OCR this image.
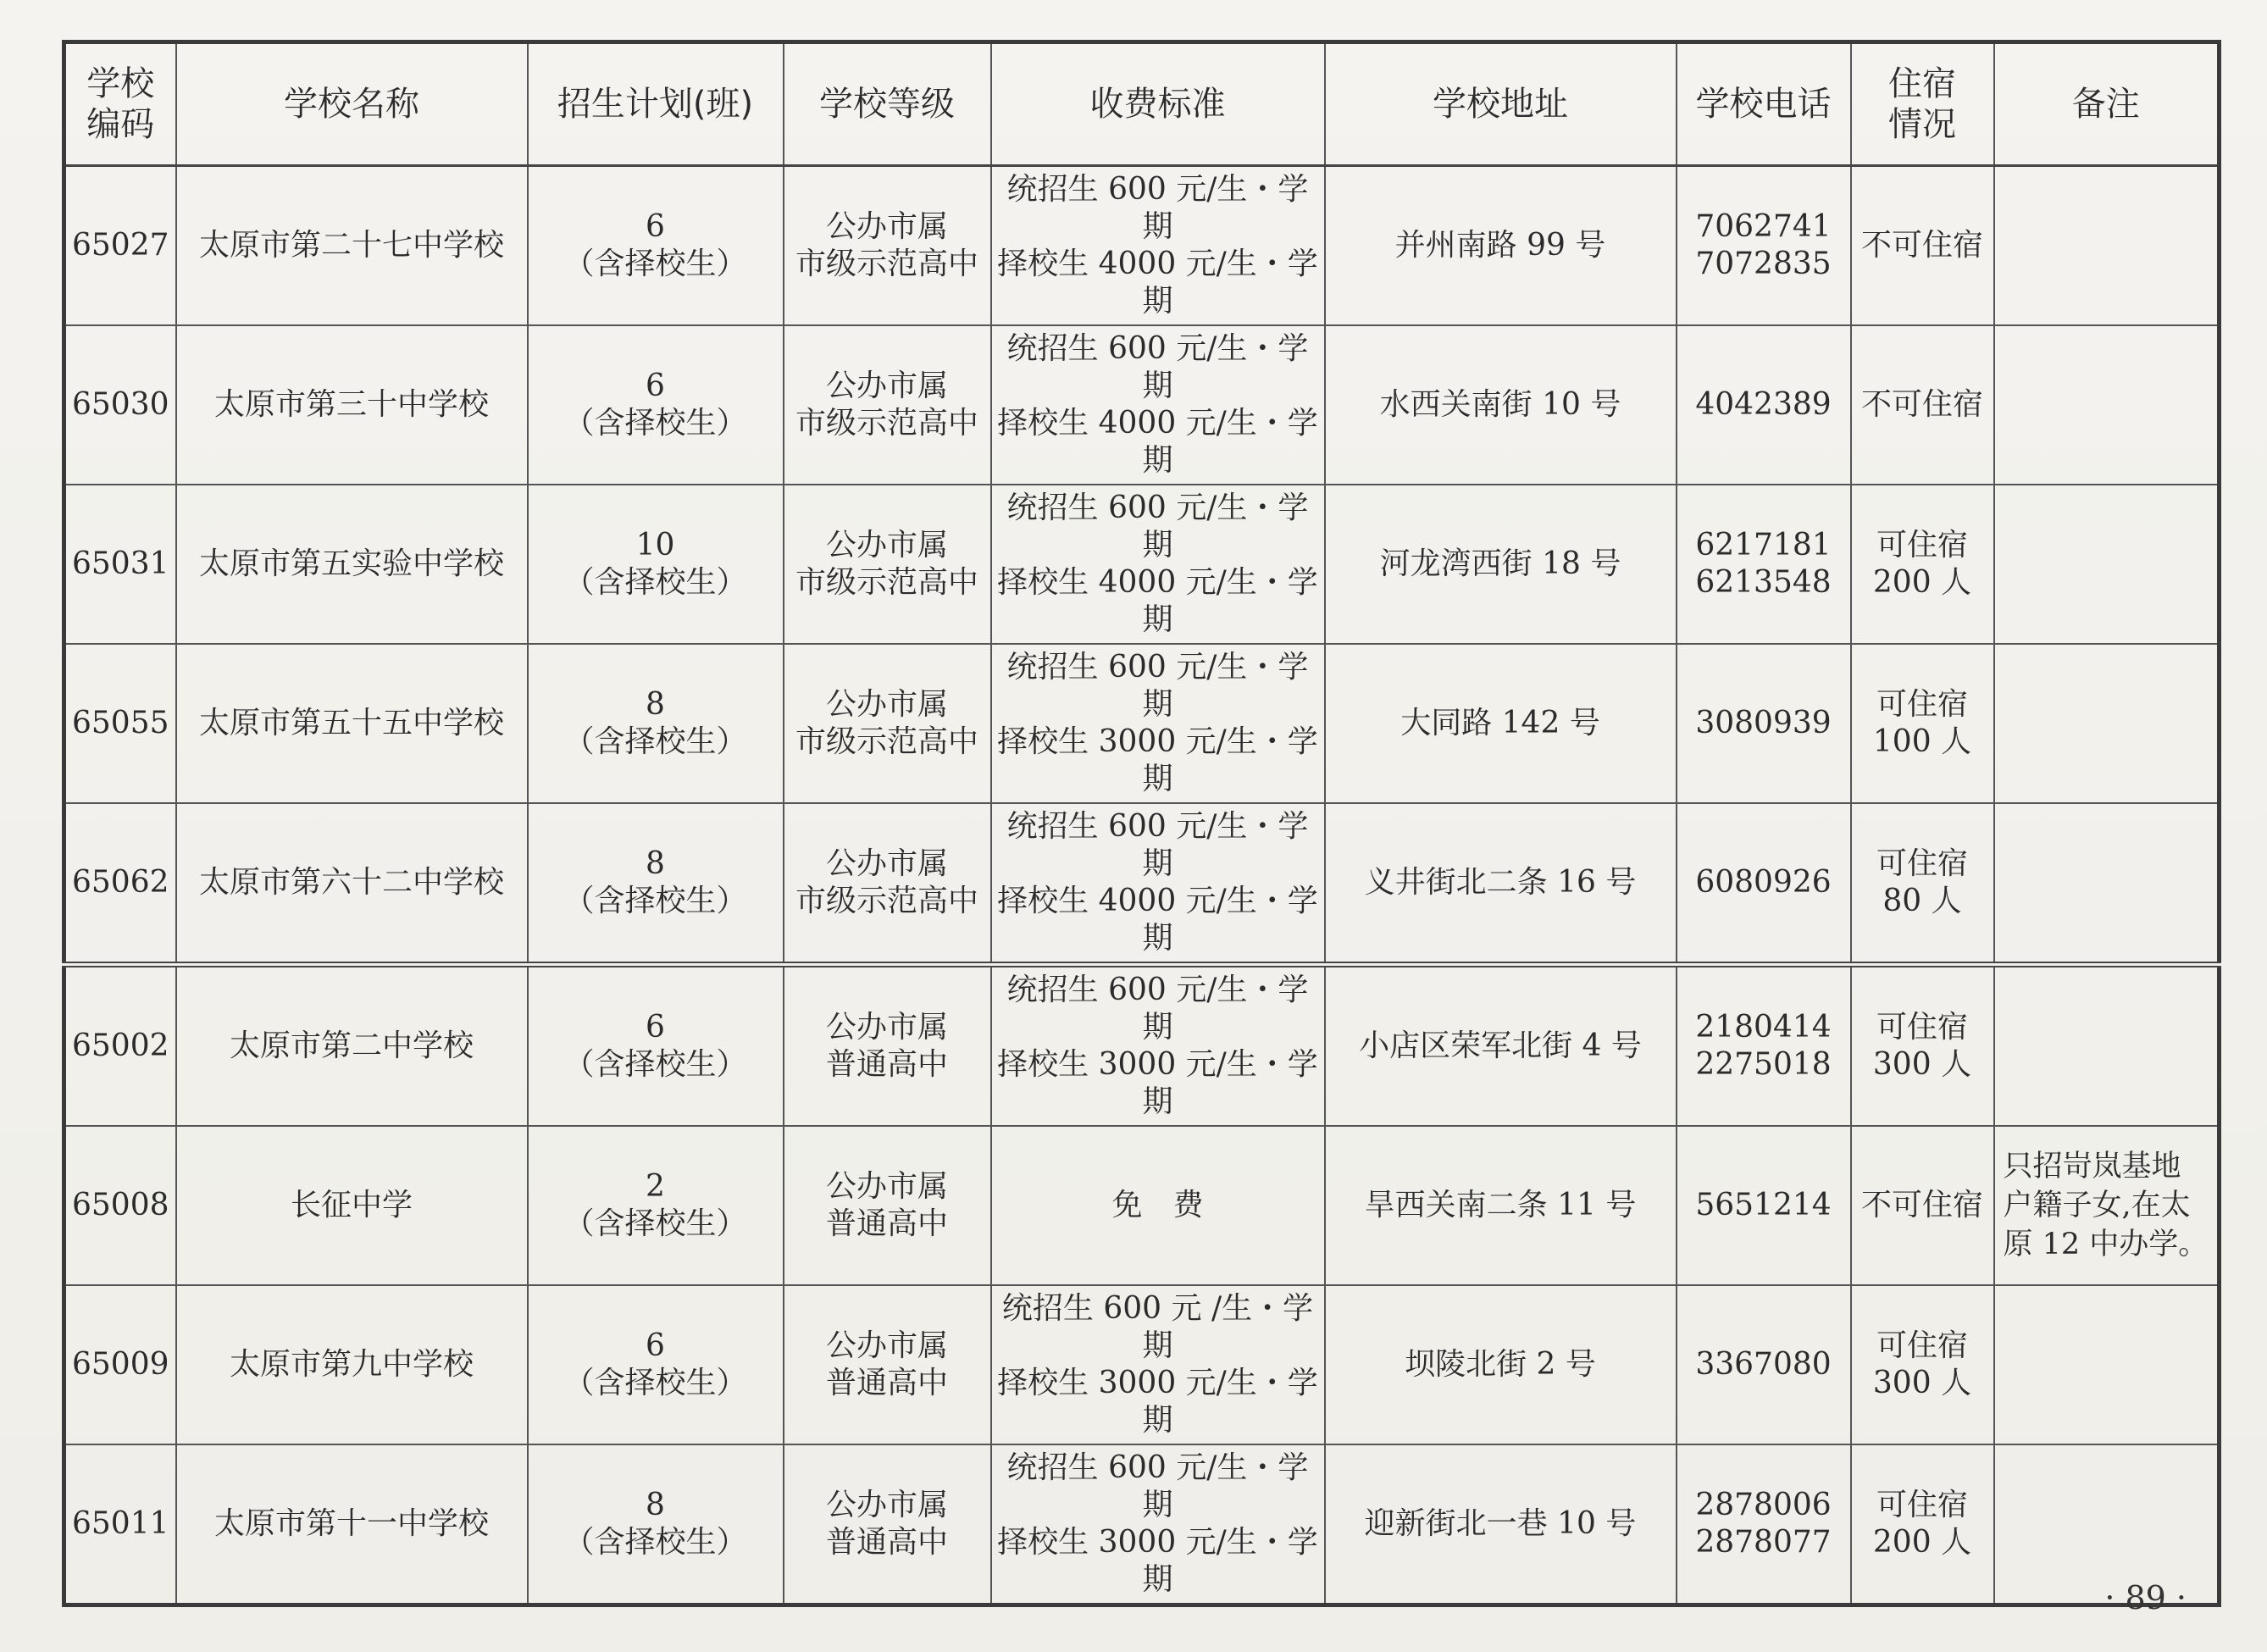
学校
编码	学校名称	招生计划(班)	学校等级	收费标准	学校地址	学校电话	住宿
情况	备注
65027	太原市第二十七中学校	6
（含择校生）	公办市属
市级示范高中	统招生 600 元/生・学期
择校生 4000 元/生・学期	并州南路 99 号	7062741
7072835	不可住宿	

65030	太原市第三十中学校	6
（含择校生）	公办市属
市级示范高中	统招生 600 元/生・学期
择校生 4000 元/生・学期	水西关南街 10 号	4042389	不可住宿	

65031	太原市第五实验中学校	10
（含择校生）	公办市属
市级示范高中	统招生 600 元/生・学期
择校生 4000 元/生・学期	河龙湾西街 18 号	6217181
6213548	可住宿
200 人	

65055	太原市第五十五中学校	8
（含择校生）	公办市属
市级示范高中	统招生 600 元/生・学期
择校生 3000 元/生・学期	大同路 142 号	3080939	可住宿
100 人	

65062	太原市第六十二中学校	8
（含择校生）	公办市属
市级示范高中	统招生 600 元/生・学期
择校生 4000 元/生・学期	义井街北二条 16 号	6080926	可住宿
80 人	

65002	太原市第二中学校	6
（含择校生）	公办市属
普通高中	统招生 600 元/生・学期
择校生 3000 元/生・学期	小店区荣军北街 4 号	2180414
2275018	可住宿
300 人	

65008	长征中学	2
（含择校生）	公办市属
普通高中	免　费	旱西关南二条 11 号	5651214	不可住宿	只招岢岚基地户籍子女,在太原 12 中办学。
65009	太原市第九中学校	6
（含择校生）	公办市属
普通高中	统招生 600 元 /生・学期
择校生 3000 元/生・学期	坝陵北街 2 号	3367080	可住宿
300 人	

65011	太原市第十一中学校	8
（含择校生）	公办市属
普通高中	统招生 600 元/生・学期
择校生 3000 元/生・学期	迎新街北一巷 10 号	2878006
2878077	可住宿
200 人	

· 89 ·
